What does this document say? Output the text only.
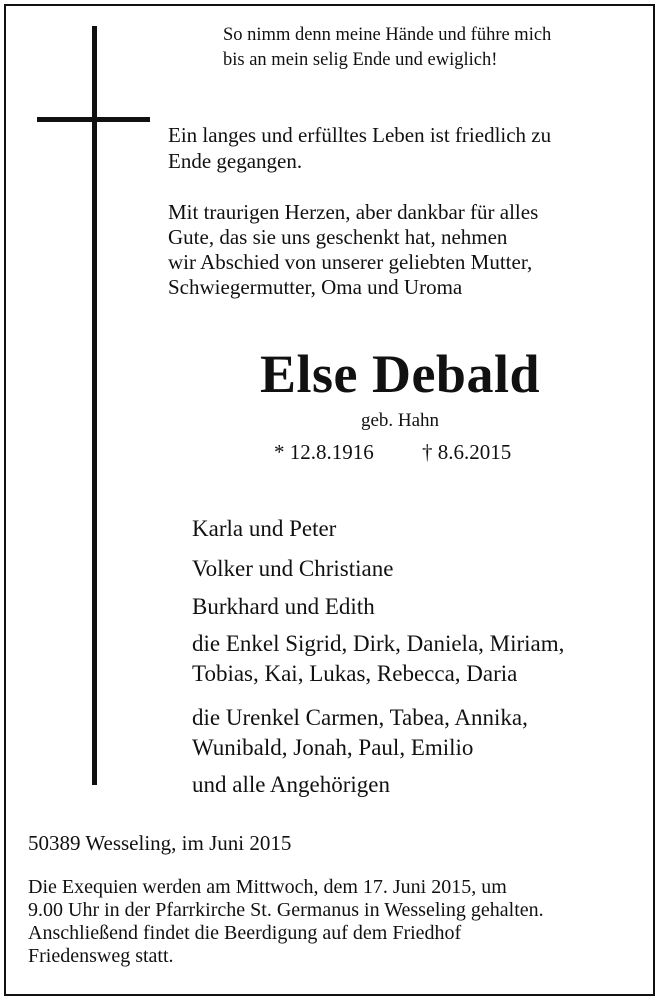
So nimm denn meine Hände und führe mich
bis an mein selig Ende und ewiglich!
Ein langes und erfülltes Leben ist friedlich zu
Ende gegangen.
Mit traurigen Herzen, aber dankbar für alles
Gute, das sie uns geschenkt hat, nehmen
wir Abschied von unserer geliebten Mutter,
Schwiegermutter, Oma und Uroma
Else Debald
geb. Hahn
* 12.8.1916 † 8.6.2015
Karla und Peter
Volker und Christiane
Burkhard und Edith
die Enkel Sigrid, Dirk, Daniela, Miriam,
Tobias, Kai, Lukas, Rebecca, Daria
die Urenkel Carmen, Tabea, Annika,
Wunibald, Jonah, Paul, Emilio
und alle Angehörigen
50389 Wesseling, im Juni 2015
Die Exequien werden am Mittwoch, dem 17. Juni 2015, um
9.00 Uhr in der Pfarrkirche St. Germanus in Wesseling gehalten.
Anschließend findet die Beerdigung auf dem Friedhof
Friedensweg statt.
